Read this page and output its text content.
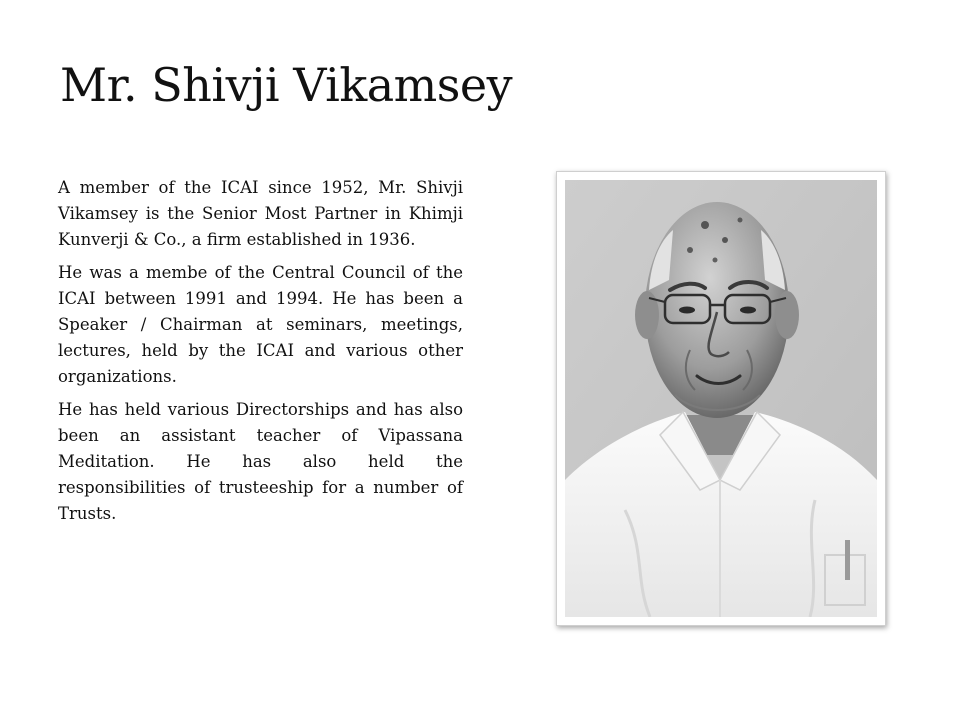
Mr. Shivji Vikamsey

A member of the ICAI since 1952, Mr. Shivji Vikamsey is the Senior Most Partner in Khimji Kunverji & Co., a firm established in 1936.

He was a membe of the Central Council of the ICAI between 1991 and 1994. He has been a Speaker / Chairman at seminars, meetings, lectures, held by the ICAI and various other organizations.

He has held various Directorships and has also been an assistant teacher of Vipassana Meditation. He has also held the responsibilities of trusteeship for a number of Trusts.
